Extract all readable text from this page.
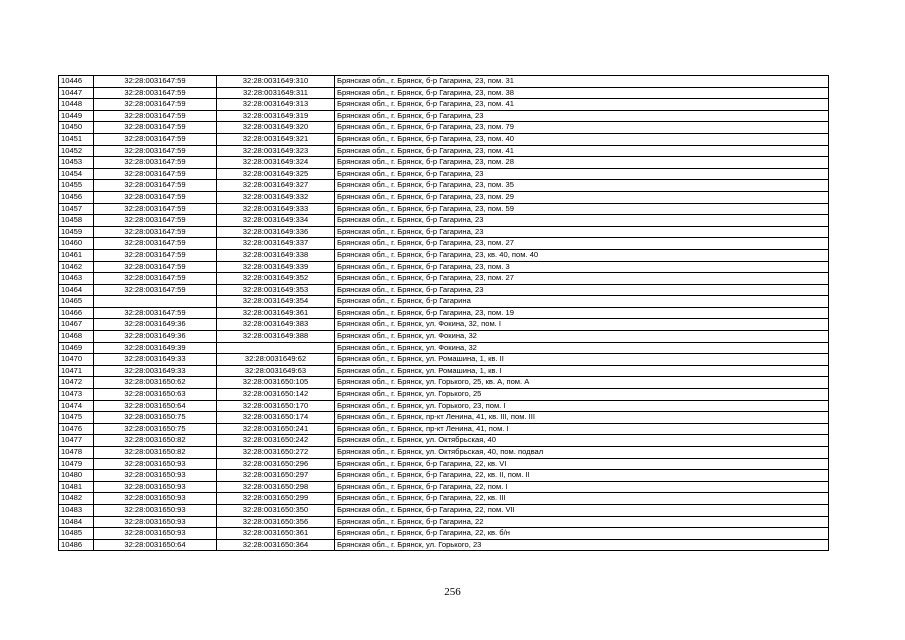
10446	32:28:0031647:59	32:28:0031649:310	Брянская обл., г. Брянск, б-р Гагарина, 23, пом. 31
10447	32:28:0031647:59	32:28:0031649:311	Брянская обл., г. Брянск, б-р Гагарина, 23, пом. 38
10448	32:28:0031647:59	32:28:0031649:313	Брянская обл., г. Брянск, б-р Гагарина, 23, пом. 41
10449	32:28:0031647:59	32:28:0031649:319	Брянская обл., г. Брянск, б-р Гагарина, 23
10450	32:28:0031647:59	32:28:0031649:320	Брянская обл., г. Брянск, б-р Гагарина, 23, пом. 79
10451	32:28:0031647:59	32:28:0031649:321	Брянская обл., г. Брянск, б-р Гагарина, 23, пом. 40
10452	32:28:0031647:59	32:28:0031649:323	Брянская обл., г. Брянск, б-р Гагарина, 23, пом. 41
10453	32:28:0031647:59	32:28:0031649:324	Брянская обл., г. Брянск, б-р Гагарина, 23, пом. 28
10454	32:28:0031647:59	32:28:0031649:325	Брянская обл., г. Брянск, б-р Гагарина, 23
10455	32:28:0031647:59	32:28:0031649:327	Брянская обл., г. Брянск, б-р Гагарина, 23, пом. 35
10456	32:28:0031647:59	32:28:0031649:332	Брянская обл., г. Брянск, б-р Гагарина, 23, пом. 29
10457	32:28:0031647:59	32:28:0031649:333	Брянская обл., г. Брянск, б-р Гагарина, 23, пом. 59
10458	32:28:0031647:59	32:28:0031649:334	Брянская обл., г. Брянск, б-р Гагарина, 23
10459	32:28:0031647:59	32:28:0031649:336	Брянская обл., г. Брянск, б-р Гагарина, 23
10460	32:28:0031647:59	32:28:0031649:337	Брянская обл., г. Брянск, б-р Гагарина, 23, пом. 27
10461	32:28:0031647:59	32:28:0031649:338	Брянская обл., г. Брянск, б-р Гагарина, 23, кв. 40, пом. 40
10462	32:28:0031647:59	32:28:0031649:339	Брянская обл., г. Брянск, б-р Гагарина, 23, пом. 3
10463	32:28:0031647:59	32:28:0031649:352	Брянская обл., г. Брянск, б-р Гагарина, 23, пом. 27
10464	32:28:0031647:59	32:28:0031649:353	Брянская обл., г. Брянск, б-р Гагарина, 23
10465		32:28:0031649:354	Брянская обл., г. Брянск, б-р Гагарина
10466	32:28:0031647:59	32:28:0031649:361	Брянская обл., г. Брянск, б-р Гагарина, 23, пом. 19
10467	32:28:0031649:36	32:28:0031649:383	Брянская обл., г. Брянск, ул. Фокина, 32, пом. I
10468	32:28:0031649:36	32:28:0031649:388	Брянская обл., г. Брянск, ул. Фокина, 32
10469	32:28:0031649:39		Брянская обл., г. Брянск, ул. Фокина, 32
10470	32:28:0031649:33	32:28:0031649:62	Брянская обл., г. Брянск, ул. Ромашина, 1, кв. II
10471	32:28:0031649:33	32:28:0031649:63	Брянская обл., г. Брянск, ул. Ромашина, 1, кв. I
10472	32:28:0031650:62	32:28:0031650:105	Брянская обл., г. Брянск, ул. Горького, 25, кв. А, пом. А
10473	32:28:0031650:63	32:28:0031650:142	Брянская обл., г. Брянск, ул. Горького, 25
10474	32:28:0031650:64	32:28:0031650:170	Брянская обл., г. Брянск, ул. Горького, 23, пом. I
10475	32:28:0031650:75	32:28:0031650:174	Брянская обл., г. Брянск, пр-кт Ленина, 41, кв. III, пом. III
10476	32:28:0031650:75	32:28:0031650:241	Брянская обл., г. Брянск, пр-кт Ленина, 41, пом. I
10477	32:28:0031650:82	32:28:0031650:242	Брянская обл., г. Брянск, ул. Октябрьская, 40
10478	32:28:0031650:82	32:28:0031650:272	Брянская обл., г. Брянск, ул. Октябрьская, 40, пом. подвал
10479	32:28:0031650:93	32:28:0031650:296	Брянская обл., г. Брянск, б-р Гагарина, 22, кв. VI
10480	32:28:0031650:93	32:28:0031650:297	Брянская обл., г. Брянск, б-р Гагарина, 22, кв. II, пом. II
10481	32:28:0031650:93	32:28:0031650:298	Брянская обл., г. Брянск, б-р Гагарина, 22, пом. I
10482	32:28:0031650:93	32:28:0031650:299	Брянская обл., г. Брянск, б-р Гагарина, 22, кв. III
10483	32:28:0031650:93	32:28:0031650:350	Брянская обл., г. Брянск, б-р Гагарина, 22, пом. VII
10484	32:28:0031650:93	32:28:0031650:356	Брянская обл., г. Брянск, б-р Гагарина, 22
10485	32:28:0031650:93	32:28:0031650:361	Брянская обл., г. Брянск, б-р Гагарина, 22, кв. б/н
10486	32:28:0031650:64	32:28:0031650:364	Брянская обл., г. Брянск, ул. Горького, 23
256
